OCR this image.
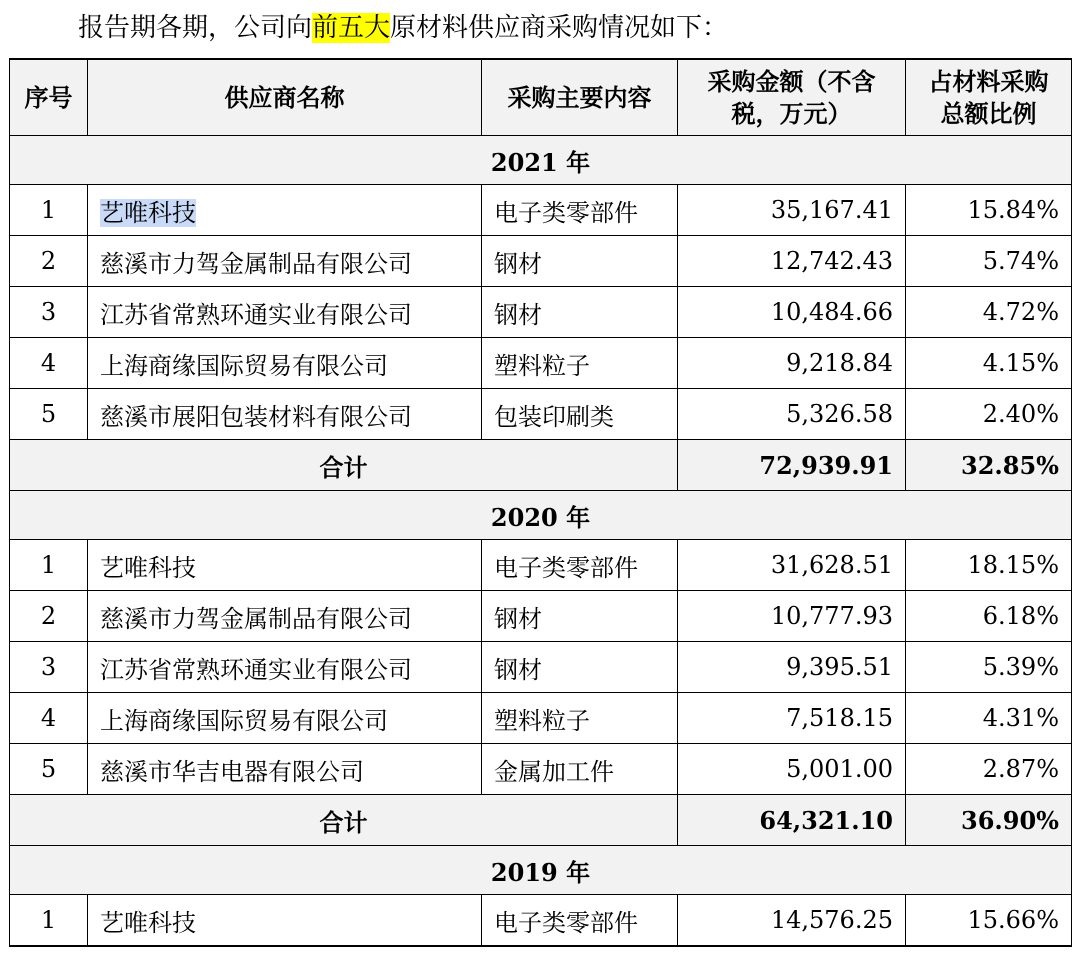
报告期各期，公司向前五大原材料供应商采购情况如下：
序号	供应商名称	采购主要内容	采购金额（不含税，万元）	占材料采购总额比例
2021 年				
1	艺唯科技	电子类零部件	35,167.41	15.84%
2	慈溪市力驾金属制品有限公司	钢材	12,742.43	5.74%
3	江苏省常熟环通实业有限公司	钢材	10,484.66	4.72%
4	上海商缘国际贸易有限公司	塑料粒子	9,218.84	4.15%
5	慈溪市展阳包装材料有限公司	包装印刷类	5,326.58	2.40%
合计			72,939.91	32.85%
2020 年				
1	艺唯科技	电子类零部件	31,628.51	18.15%
2	慈溪市力驾金属制品有限公司	钢材	10,777.93	6.18%
3	江苏省常熟环通实业有限公司	钢材	9,395.51	5.39%
4	上海商缘国际贸易有限公司	塑料粒子	7,518.15	4.31%
5	慈溪市华吉电器有限公司	金属加工件	5,001.00	2.87%
合计			64,321.10	36.90%
2019 年				
1	艺唯科技	电子类零部件	14,576.25	15.66%
